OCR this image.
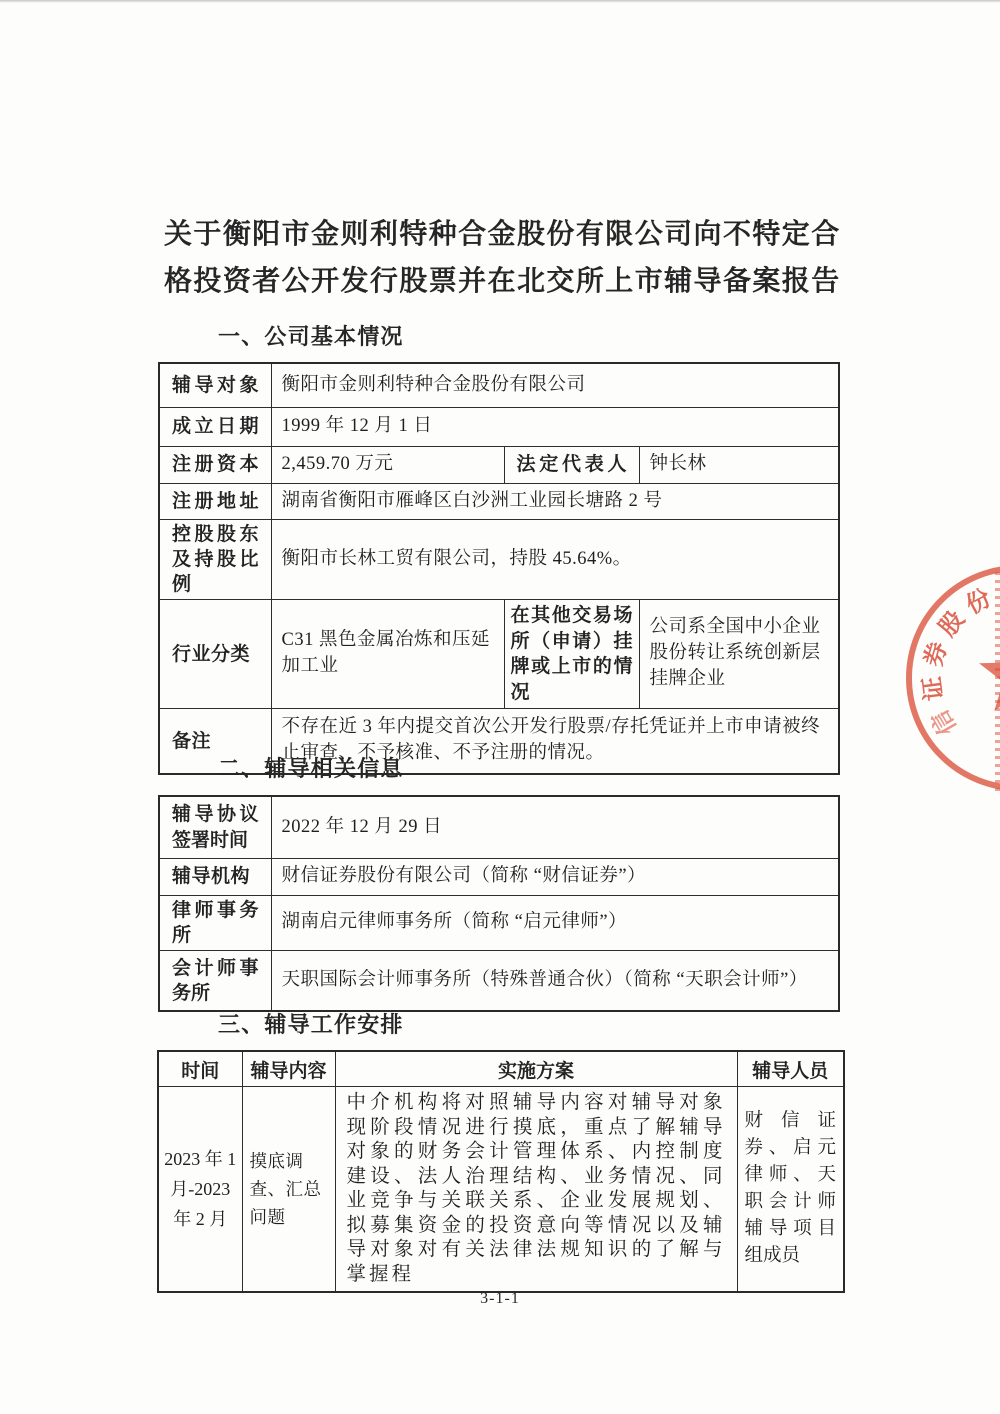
关于衡阳市金则利特种合金股份有限公司向不特定合格投资者公开发行股票并在北交所上市辅导备案报告
一、公司基本情况
辅导对象	衡阳市金则利特种合金股份有限公司		
成立日期	1999 年 12 月 1 日		
注册资本	2,459.70 万元	法定代表人	钟长林
注册地址	湖南省衡阳市雁峰区白沙洲工业园长塘路 2 号		
控股股东及持股比例	衡阳市长林工贸有限公司，持股 45.64%。		
行业分类	C31 黑色金属冶炼和压延加工业	在其他交易场所（申请）挂牌或上市的情况	公司系全国中小企业股份转让系统创新层挂牌企业
备注	不存在近 3 年内提交首次公开发行股票/存托凭证并上市申请被终止审查、不予核准、不予注册的情况。		
二、辅导相关信息
辅导协议签署时间	2022 年 12 月 29 日
辅导机构	财信证券股份有限公司（简称 “财信证券”）
律师事务所	湖南启元律师事务所（简称 “启元律师”）
会计师事务所	天职国际会计师事务所（特殊普通合伙）（简称 “天职会计师”）
三、辅导工作安排
时间	辅导内容	实施方案	辅导人员
2023 年 1 月-2023 年 2 月	摸底调查、汇总问题	中介机构将对照辅导内容对辅导对象现阶段情况进行摸底，重点了解辅导对象的财务会计管理体系、内控制度建设、法人治理结构、业务情况、同业竞争与关联关系、企业发展规划、拟募集资金的投资意向等情况以及辅导对象对有关法律法规知识的了解与掌握程	财信证券、启元律师、天职会计师辅导项目组成员
3-1-1
份
股
券
证
信
